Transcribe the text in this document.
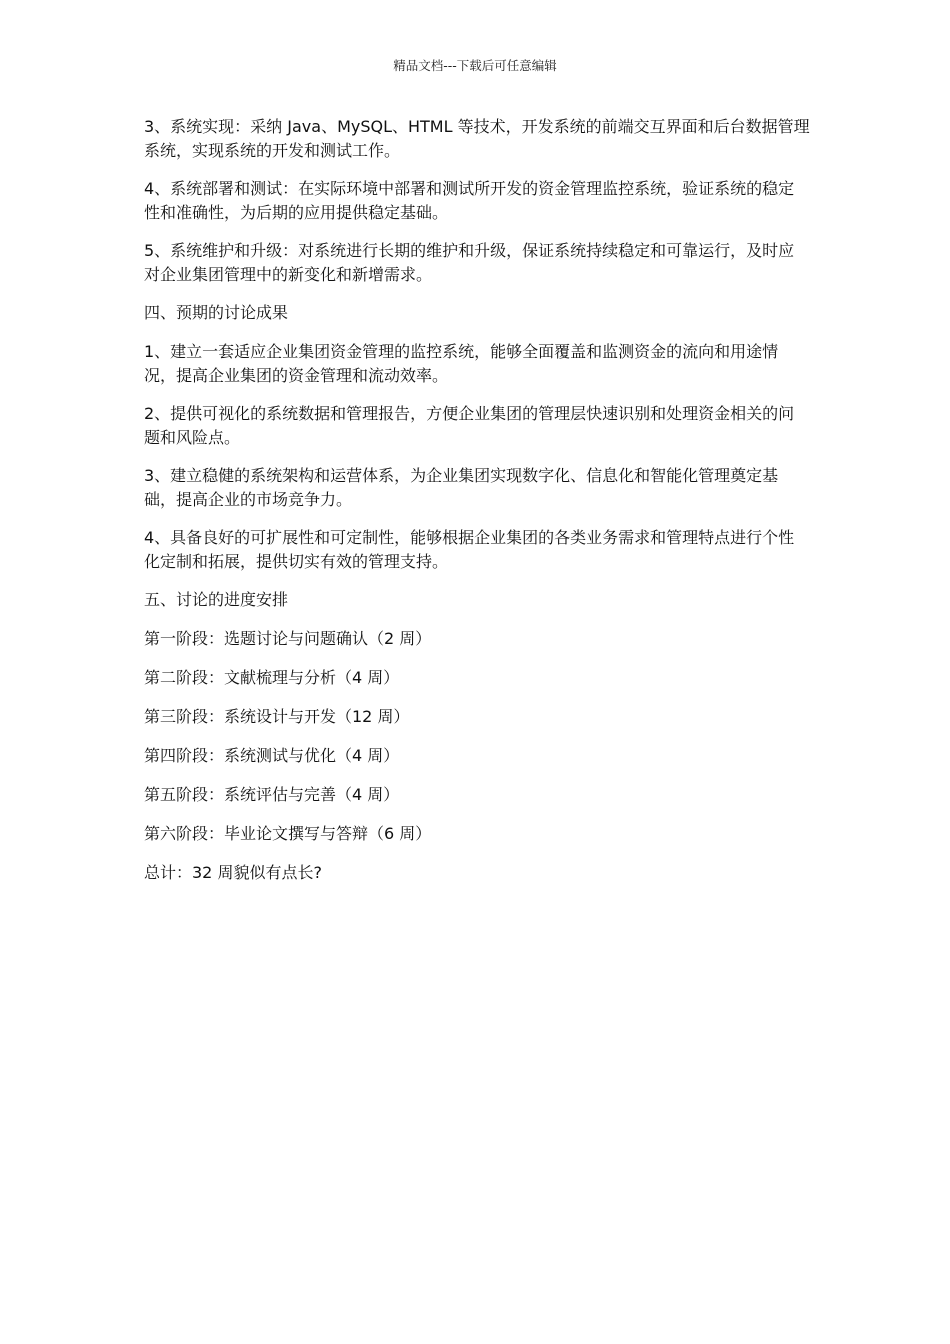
精品文档---下载后可任意编辑

3、系统实现：采纳 Java、MySQL、HTML 等技术，开发系统的前端交互界面和后台数据管理系统，实现系统的开发和测试工作。

4、系统部署和测试：在实际环境中部署和测试所开发的资金管理监控系统，验证系统的稳定性和准确性，为后期的应用提供稳定基础。

5、系统维护和升级：对系统进行长期的维护和升级，保证系统持续稳定和可靠运行，及时应对企业集团管理中的新变化和新增需求。

四、预期的讨论成果

1、建立一套适应企业集团资金管理的监控系统，能够全面覆盖和监测资金的流向和用途情况，提高企业集团的资金管理和流动效率。

2、提供可视化的系统数据和管理报告，方便企业集团的管理层快速识别和处理资金相关的问题和风险点。

3、建立稳健的系统架构和运营体系，为企业集团实现数字化、信息化和智能化管理奠定基础，提高企业的市场竞争力。

4、具备良好的可扩展性和可定制性，能够根据企业集团的各类业务需求和管理特点进行个性化定制和拓展，提供切实有效的管理支持。

五、讨论的进度安排

第一阶段：选题讨论与问题确认（2 周）

第二阶段：文献梳理与分析（4 周）

第三阶段：系统设计与开发（12 周）

第四阶段：系统测试与优化（4 周）

第五阶段：系统评估与完善（4 周）

第六阶段：毕业论文撰写与答辩（6 周）

总计：32 周貌似有点长?
